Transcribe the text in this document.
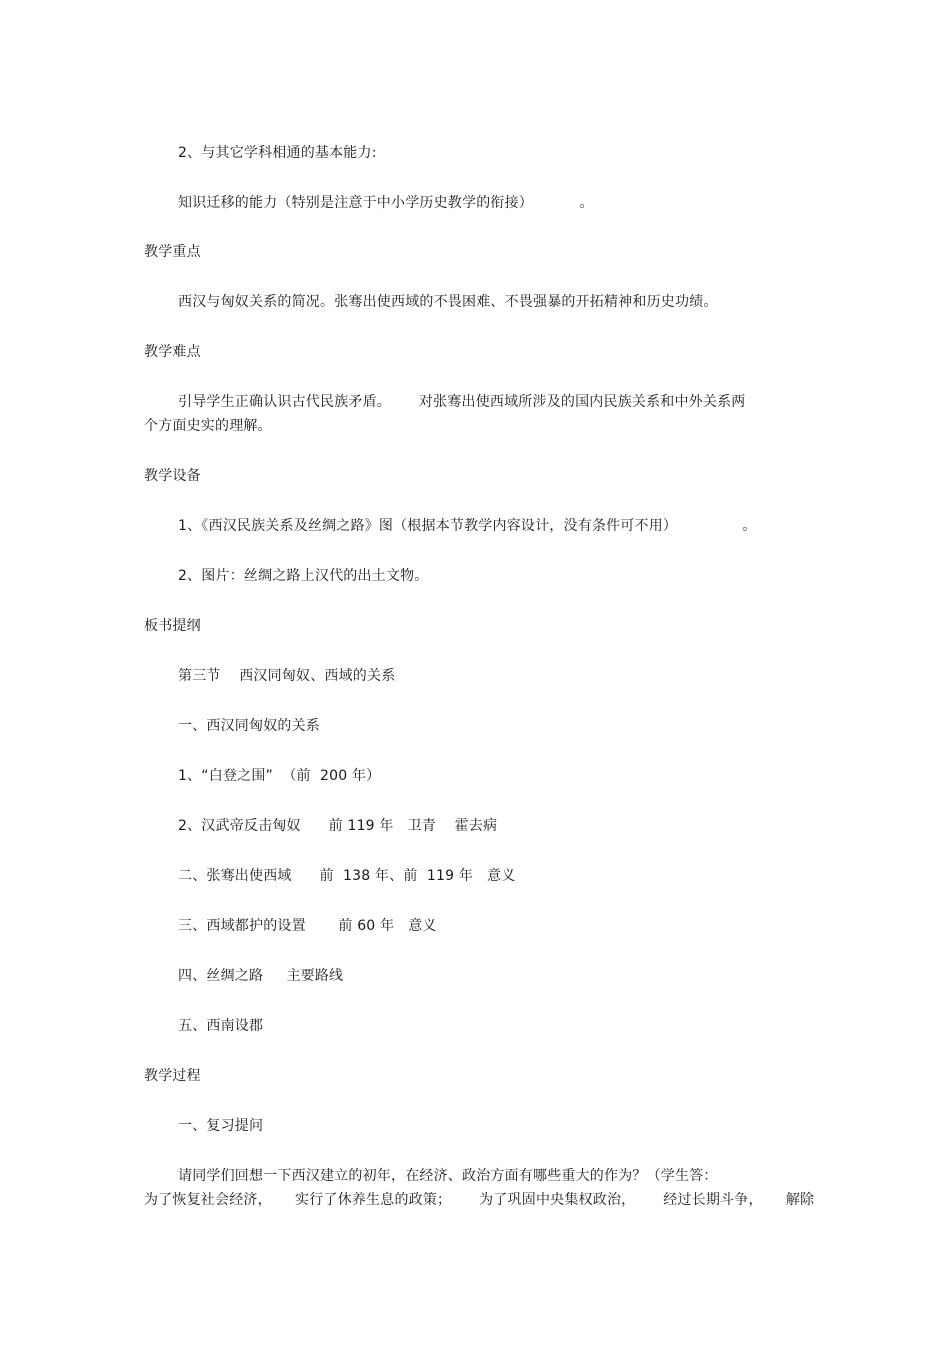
2、与其它学科相通的基本能力:
知识迁移的能力（特别是注意于中小学历史教学的衔接）          。
教学重点
西汉与匈奴关系的简况。张骞出使西域的不畏困难、不畏强暴的开拓精神和历史功绩。
教学难点
引导学生正确认识古代民族矛盾。      对张骞出使西域所涉及的国内民族关系和中外关系两
个方面史实的理解。
教学设备
1、《西汉民族关系及丝绸之路》图（根据本节教学内容设计，没有条件可不用）              。
2、图片：丝绸之路上汉代的出土文物。
板书提纲
第三节    西汉同匈奴、西域的关系
一、西汉同匈奴的关系
1、“白登之围”  （前  200 年）
2、汉武帝反击匈奴      前 119 年   卫青    霍去病
二、张骞出使西域      前  138 年、前  119 年   意义
三、西域都护的设置       前 60 年   意义
四、丝绸之路     主要路线
五、西南设郡
教学过程
一、复习提问
请同学们回想一下西汉建立的初年，在经济、政治方面有哪些重大的作为？（学生答：
为了恢复社会经济，     实行了休养生息的政策；      为了巩固中央集权政治，      经过长期斗争，     解除
